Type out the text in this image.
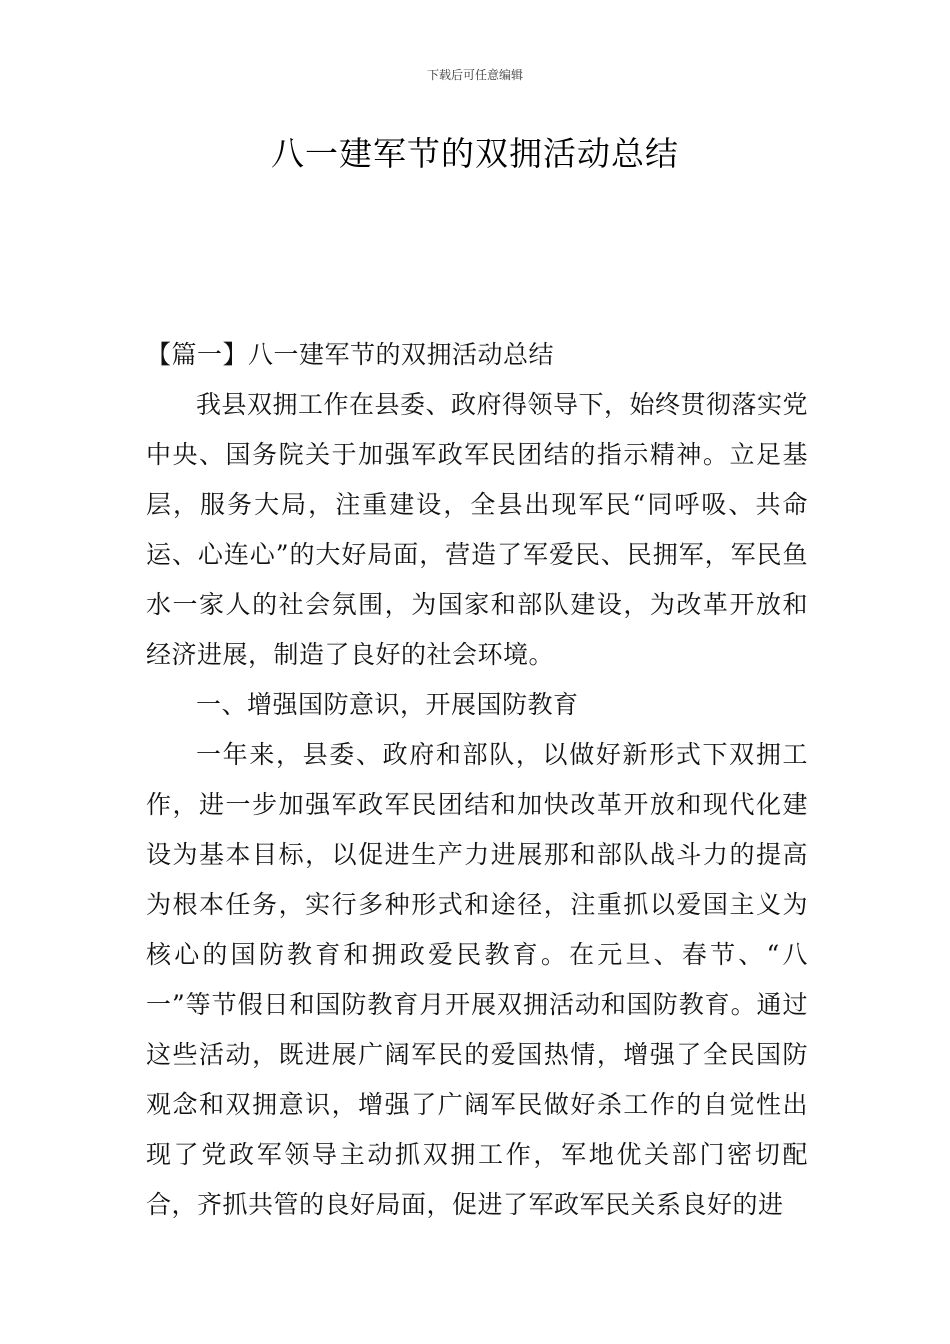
下载后可任意编辑
八一建军节的双拥活动总结

【篇一】八一建军节的双拥活动总结

我县双拥工作在县委、政府得领导下，始终贯彻落实党中央、国务院关于加强军政军民团结的指示精神。立足基层，服务大局，注重建设，全县出现军民“同呼吸、共命运、心连心”的大好局面，营造了军爱民、民拥军，军民鱼水一家人的社会氛围，为国家和部队建设，为改革开放和经济进展，制造了良好的社会环境。

一、增强国防意识，开展国防教育

一年来，县委、政府和部队，以做好新形式下双拥工作，进一步加强军政军民团结和加快改革开放和现代化建设为基本目标，以促进生产力进展那和部队战斗力的提高为根本任务，实行多种形式和途径，注重抓以爱国主义为核心的国防教育和拥政爱民教育。在元旦、春节、“八一”等节假日和国防教育月开展双拥活动和国防教育。通过这些活动，既进展广阔军民的爱国热情，增强了全民国防观念和双拥意识，增强了广阔军民做好杀工作的自觉性出现了党政军领导主动抓双拥工作，军地优关部门密切配合，齐抓共管的良好局面，促进了军政军民关系良好的进
